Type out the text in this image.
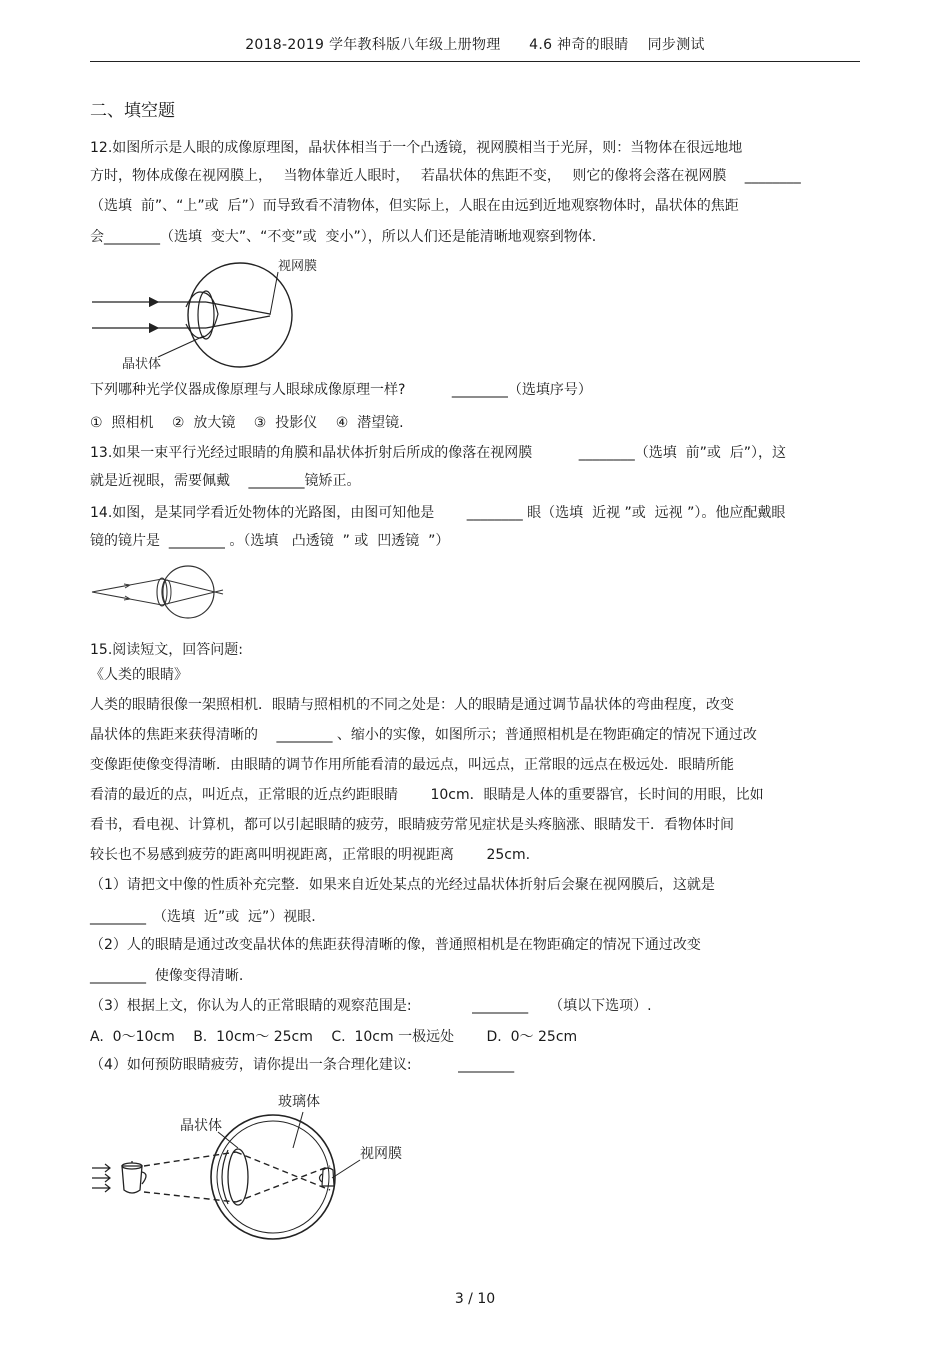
2018-2019 学年教科版八年级上册物理　　4.6 神奇的眼睛　 同步测试
二、填空题
12.如图所示是人眼的成像原理图，晶状体相当于一个凸透镜，视网膜相当于光屏，则：当物体在很远地地
方时，物体成像在视网膜上，　 当物体靠近人眼时，　 若晶状体的焦距不变，　 则它的像将会落在视网膜　 ________
（选填  前”、“上”或  后”）而导致看不清物体，但实际上，人眼在由远到近地观察物体时，晶状体的焦距
会________（选填  变大”、“不变”或  变小”），所以人们还是能清晰地观察到物体.
视网膜
晶状体
下列哪种光学仪器成像原理与人眼球成像原理一样?　　　 ________（选填序号）
①  照相机　 ②  放大镜　 ③  投影仪　 ④  潜望镜.
13.如果一束平行光经过眼睛的角膜和晶状体折射后所成的像落在视网膜　　　 ________（选填  前”或  后”），这
就是近视眼，需要佩戴　 ________镜矫正。
14.如图，是某同学看近处物体的光路图，由图可知他是　　 ________ 眼（选填  近视 ”或  远视 ”）。他应配戴眼
镜的镜片是  ________ 。（选填   凸透镜  ” 或  凹透镜  ”）
15.阅读短文，回答问题:
《人类的眼睛》
人类的眼睛很像一架照相机．眼睛与照相机的不同之处是：人的眼睛是通过调节晶状体的弯曲程度，改变
晶状体的焦距来获得清晰的　 ________ 、缩小的实像，如图所示；普通照相机是在物距确定的情况下通过改
变像距使像变得清晰．由眼睛的调节作用所能看清的最远点，叫远点，正常眼的远点在极远处．眼睛所能
看清的最近的点，叫近点，正常眼的近点约距眼睛　　 10cm．眼睛是人体的重要器官，长时间的用眼，比如
看书，看电视、计算机，都可以引起眼睛的疲劳，眼睛疲劳常见症状是头疼脑涨、眼睛发干．看物体时间
较长也不易感到疲劳的距离叫明视距离，正常眼的明视距离　　 25cm.
（1）请把文中像的性质补充完整．如果来自近处某点的光经过晶状体折射后会聚在视网膜后，这就是
________　（选填  近”或  远”）视眼.
（2）人的眼睛是通过改变晶状体的焦距获得清晰的像，普通照相机是在物距确定的情况下通过改变
________  使像变得清晰.
（3）根据上文，你认为人的正常眼睛的观察范围是:　　　　 ________　　（填以下选项）.
A.  0～10cm　 B.  10cm～ 25cm　 C.  10cm 一极远处　　 D.  0～ 25cm
（4）如何预防眼睛疲劳，请你提出一条合理化建议:　　　 ________
晶状体
玻璃体
视网膜
3 / 10
